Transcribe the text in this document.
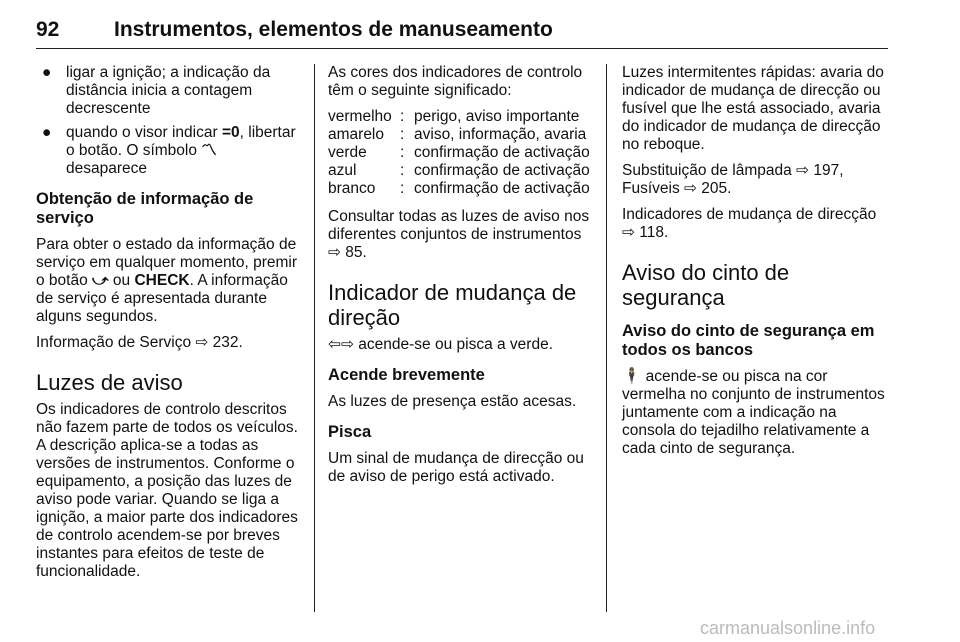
92	Instrumentos, elementos de manuseamento
● ligar a ignição; a indicação da distância inicia a contagem decrescente
● quando o visor indicar =0, libertar o botão. O símbolo 〽 desaparece
Obtenção de informação de serviço

Para obter o estado da informação de serviço em qualquer momento, premir o botão ⤻ ou CHECK. A informação de serviço é apresentada durante alguns segundos.

Informação de Serviço ⇨ 232.

Luzes de aviso

Os indicadores de controlo descritos não fazem parte de todos os veículos. A descrição aplica-se a todas as versões de instrumentos. Conforme o equipamento, a posição das luzes de aviso pode variar. Quando se liga a ignição, a maior parte dos indicadores de controlo acendem-se por breves instantes para efeitos de teste de funcionalidade.

As cores dos indicadores de controlo têm o seguinte significado:

vermelho	:	perigo, aviso importante
amarelo	:	aviso, informação, avaria
verde	:	confirmação de activação
azul	:	confirmação de activação
branco	:	confirmação de activação

Consultar todas as luzes de aviso nos diferentes conjuntos de instrumentos ⇨ 85.

Indicador de mudança de direção

⇦⇨ acende-se ou pisca a verde.

Acende brevemente

As luzes de presença estão acesas.

Pisca

Um sinal de mudança de direcção ou de aviso de perigo está activado.

Luzes intermitentes rápidas: avaria do indicador de mudança de direcção ou fusível que lhe está associado, avaria do indicador de mudança de direcção no reboque.

Substituição de lâmpada ⇨ 197,

Fusíveis ⇨ 205.

Indicadores de mudança de direcção ⇨ 118.

Aviso do cinto de segurança
Aviso do cinto de segurança em todos os bancos

🕴 acende-se ou pisca na cor vermelha no conjunto de instrumentos juntamente com a indicação na consola do tejadilho relativamente a cada cinto de segurança.

carmanualsonline.info
